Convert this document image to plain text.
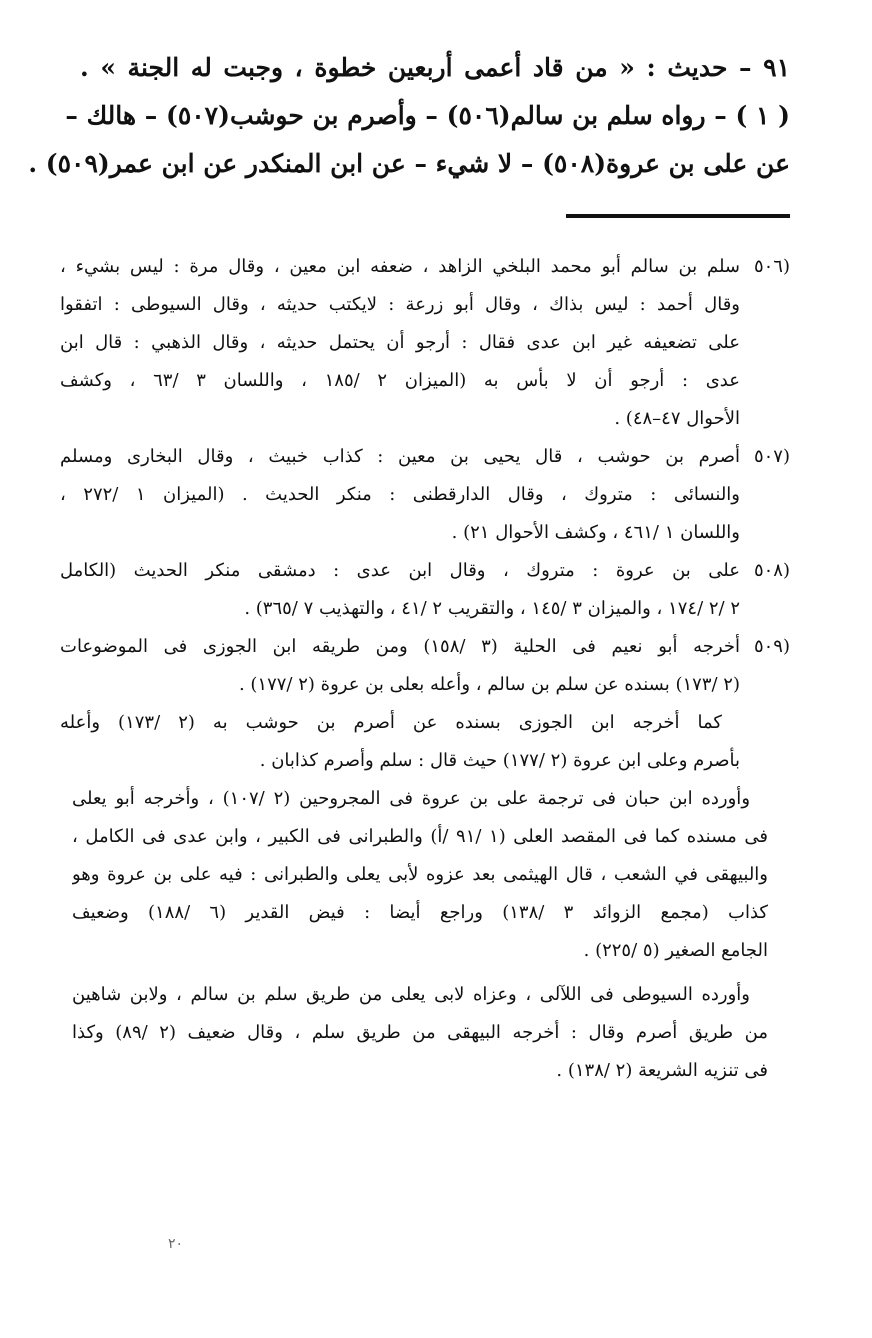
٩١ – حديث : « من قاد أعمى أربعين خطوة ، وجبت له الجنة » .
( ١ ) – رواه سلم بن سالم(٥٠٦) – وأصرم بن حوشب(٥٠٧) – هالك –
عن على بن عروة(٥٠٨) – لا شيء – عن ابن المنكدر عن ابن عمر(٥٠٩) .
(٥٠٦
سلم بن سالم أبو محمد البلخي الزاهد ، ضعفه ابن معين ، وقال مرة : ليس بشيء ،
وقال أحمد : ليس بذاك ، وقال أبو زرعة : لايكتب حديثه ، وقال السيوطى : اتفقوا
على تضعيفه غير ابن عدى فقال : أرجو أن يحتمل حديثه ، وقال الذهبي : قال ابن
عدى : أرجو أن لا بأس به (الميزان ٢ /١٨٥ ، واللسان ٣ /٦٣ ، وكشف
الأحوال ٤٧–٤٨) .
(٥٠٧
أصرم بن حوشب ، قال يحيى بن معين : كذاب خبيث ، وقال البخارى ومسلم
والنسائى : متروك ، وقال الدارقطنى : منكر الحديث . (الميزان ١ /٢٧٢ ،
واللسان ١ /٤٦١ ، وكشف الأحوال ٢١) .
(٥٠٨
على بن عروة : متروك ، وقال ابن عدى : دمشقى منكر الحديث (الكامل
٢ /٢ /١٧٤ ، والميزان ٣ /١٤٥ ، والتقريب ٢ /٤١ ، والتهذيب ٧ /٣٦٥) .
(٥٠٩
أخرجه أبو نعيم فى الحلية (٣ /١٥٨) ومن طريقه ابن الجوزى فى الموضوعات
(٢ /١٧٣) بسنده عن سلم بن سالم ، وأعله بعلى بن عروة (٢ /١٧٧) .
كما أخرجه ابن الجوزى بسنده عن أصرم بن حوشب به (٢ /١٧٣) وأعله
بأصرم وعلى ابن عروة (٢ /١٧٧) حيث قال : سلم وأصرم كذابان .
وأورده ابن حبان فى ترجمة على بن عروة فى المجروحين (٢ /١٠٧) ، وأخرجه أبو يعلى
فى مسنده كما فى المقصد العلى (١ /٩١ /أ) والطبرانى فى الكبير ، وابن عدى فى الكامل ،
والبيهقى في الشعب ، قال الهيثمى بعد عزوه لأبى يعلى والطبرانى : فيه على بن عروة وهو
كذاب (مجمع الزوائد ٣ /١٣٨) وراجع أيضا : فيض القدير (٦ /١٨٨) وضعيف
الجامع الصغير (٥ /٢٢٥) .
وأورده السيوطى فى اللآلى ، وعزاه لابى يعلى من طريق سلم بن سالم ، ولابن شاهين
من طريق أصرم وقال : أخرجه البيهقى من طريق سلم ، وقال ضعيف (٢ /٨٩) وكذا
فى تنزيه الشريعة (٢ /١٣٨) .
٢٠
